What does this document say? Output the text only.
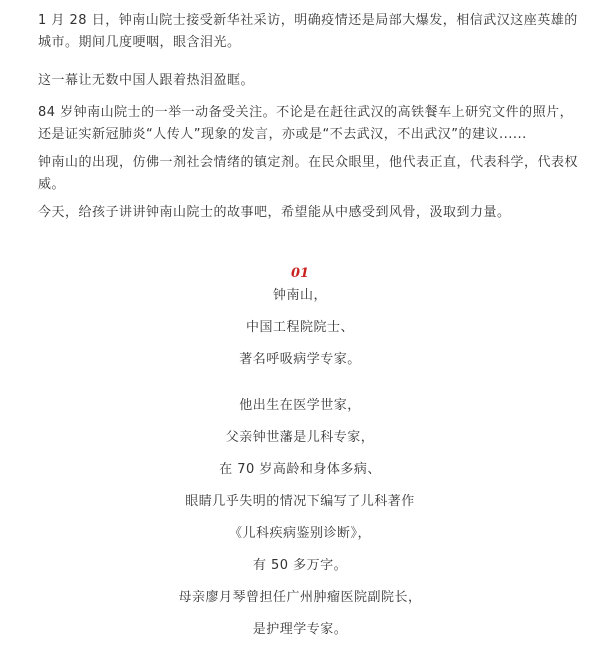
1 月 28 日，钟南山院士接受新华社采访，明确疫情还是局部大爆发，相信武汉这座英雄的城市。期间几度哽咽，眼含泪光。

这一幕让无数中国人跟着热泪盈眶。

84 岁钟南山院士的一举一动备受关注。不论是在赶往武汉的高铁餐车上研究文件的照片，还是证实新冠肺炎“人传人”现象的发言，亦或是“不去武汉，不出武汉”的建议......

钟南山的出现，仿佛一剂社会情绪的镇定剂。在民众眼里，他代表正直，代表科学，代表权威。

今天，给孩子讲讲钟南山院士的故事吧，希望能从中感受到风骨，汲取到力量。

01

钟南山，

中国工程院院士、

著名呼吸病学专家。

他出生在医学世家，

父亲钟世藩是儿科专家，

在 70 岁高龄和身体多病、

眼睛几乎失明的情况下编写了儿科著作

《儿科疾病鉴别诊断》，

有 50 多万字。

母亲廖月琴曾担任广州肿瘤医院副院长，

是护理学专家。
